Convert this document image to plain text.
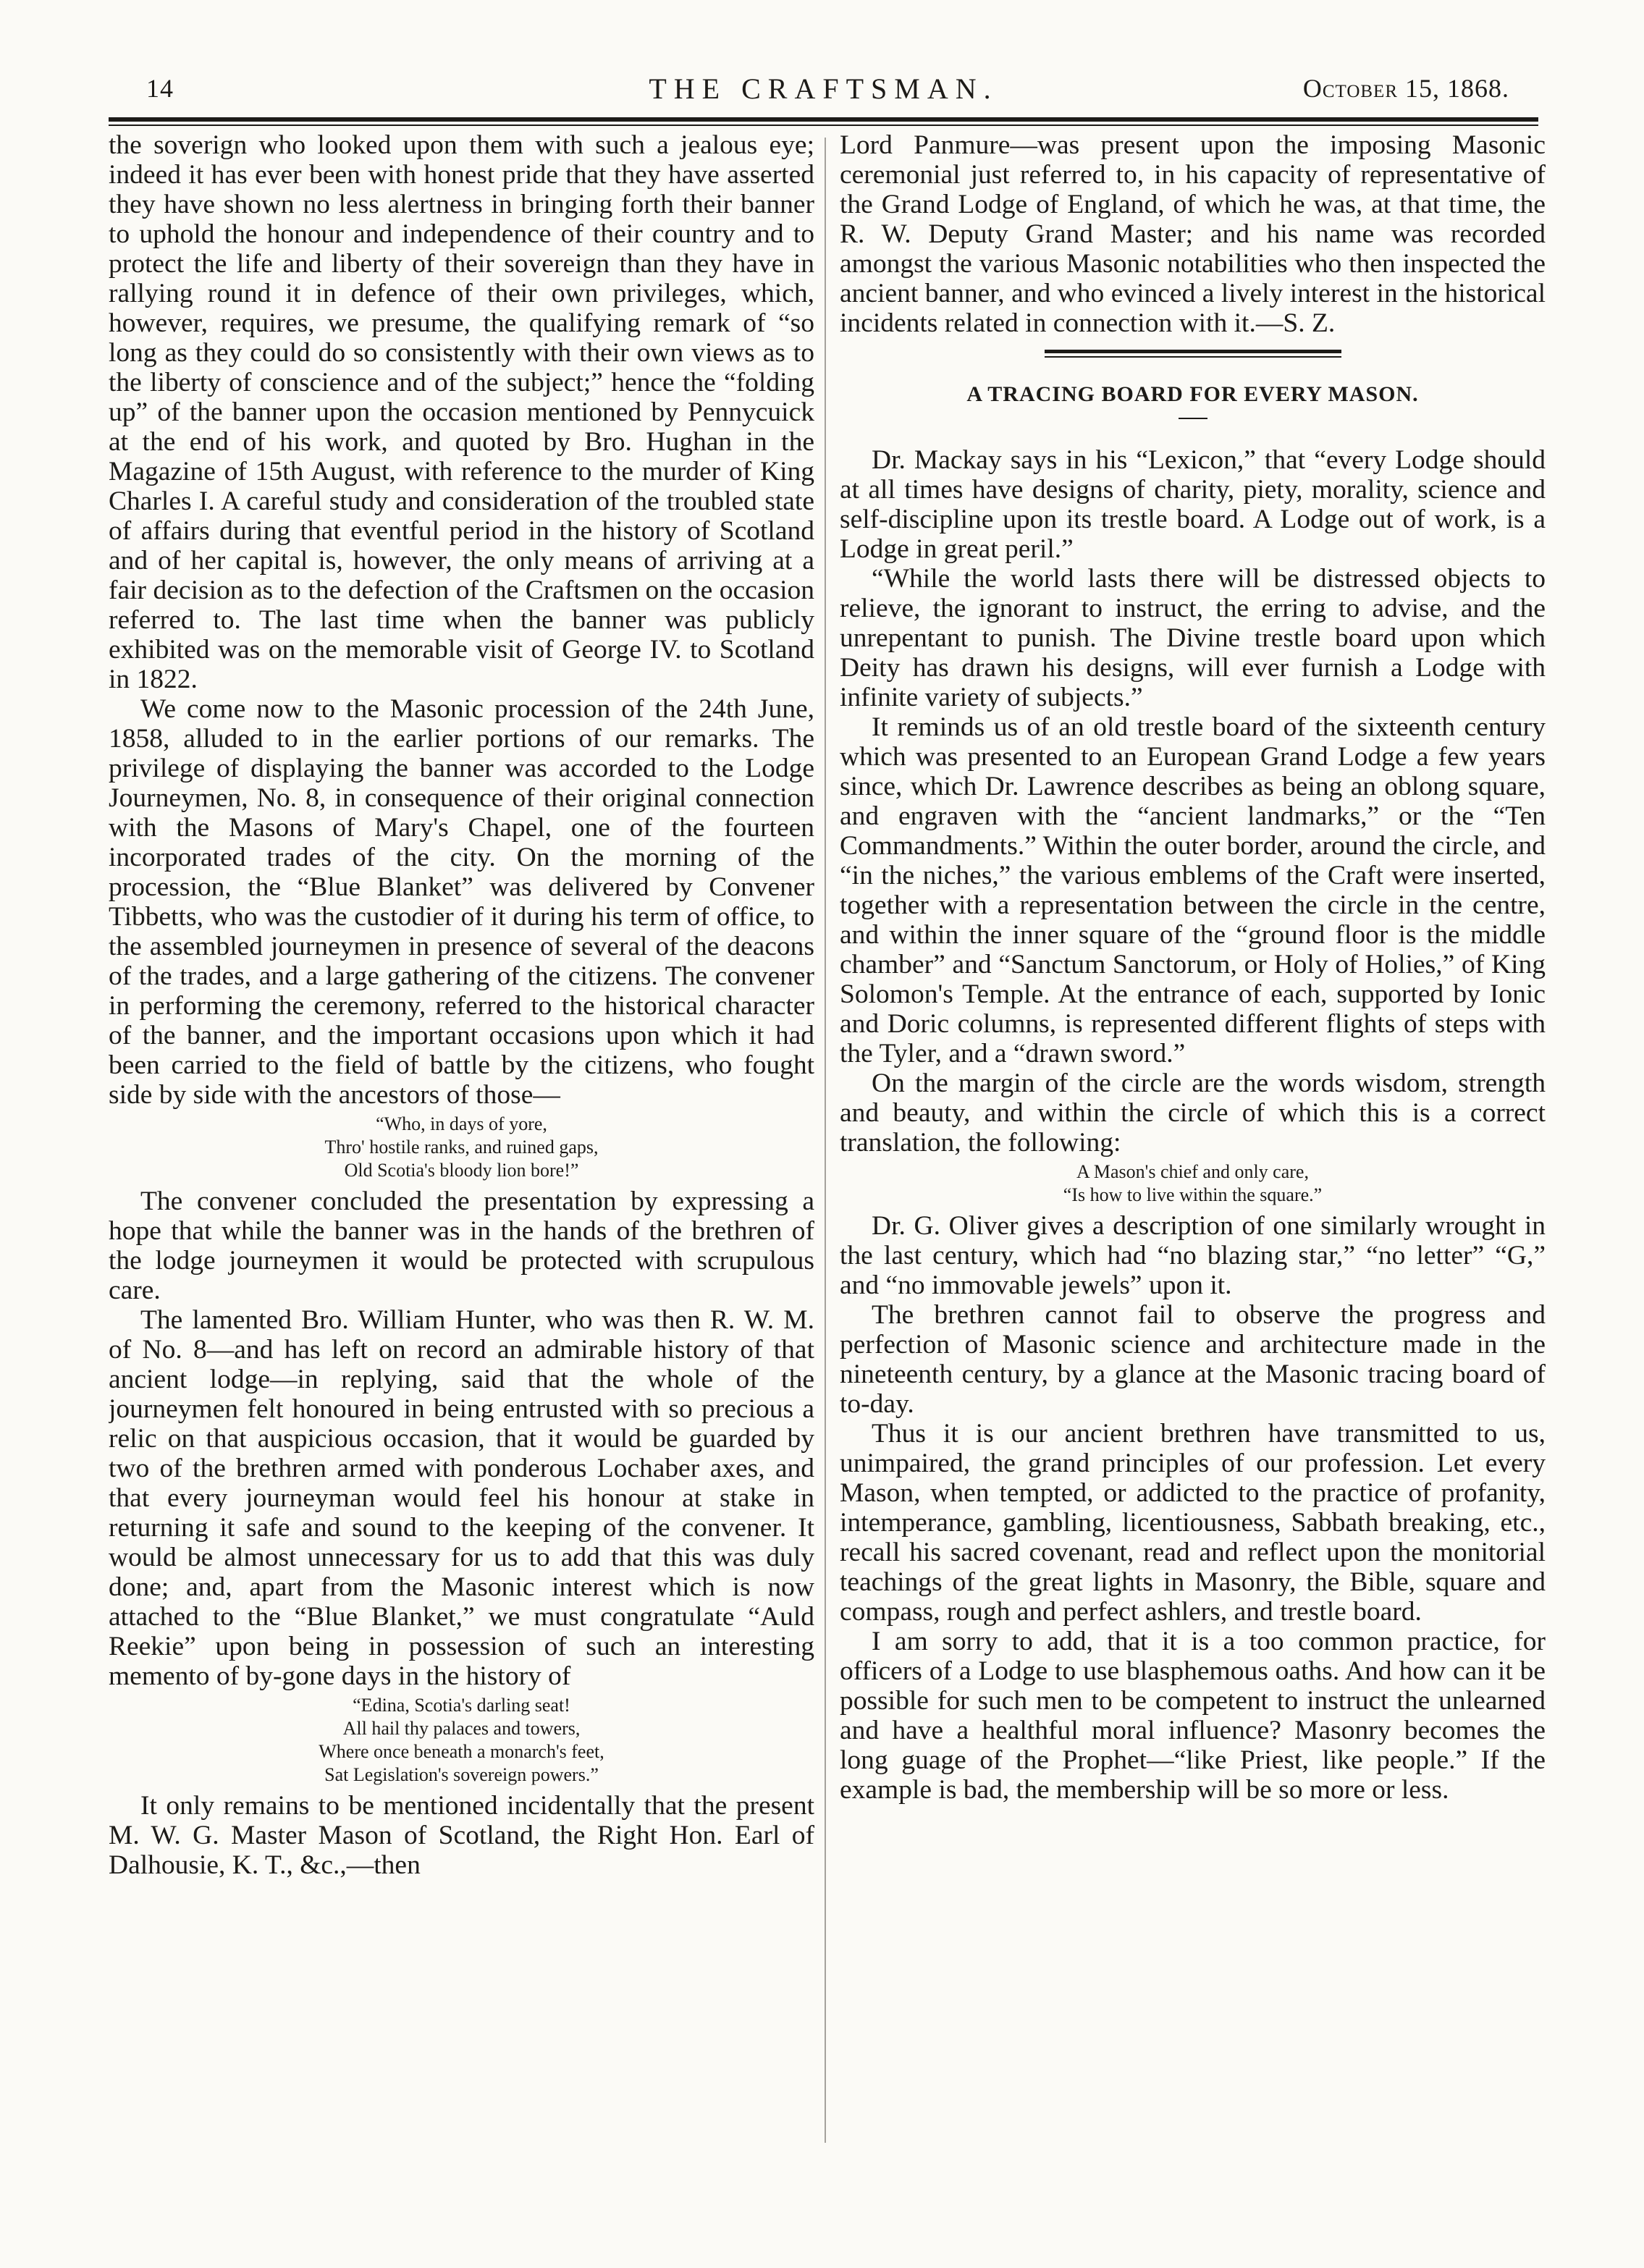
14	THE CRAFTSMAN.	October 15, 1868.

the soverign who looked upon them with such a jealous eye; indeed it has ever been with honest pride that they have asserted they have shown no less alertness in bringing forth their banner to uphold the honour and independence of their country and to protect the life and liberty of their sovereign than they have in rallying round it in defence of their own privileges, which, however, requires, we presume, the qualifying remark of “so long as they could do so consistently with their own views as to the liberty of conscience and of the subject;” hence the “folding up” of the banner upon the occasion mentioned by Pennycuick at the end of his work, and quoted by Bro. Hughan in the Magazine of 15th August, with reference to the murder of King Charles I. A careful study and consideration of the troubled state of affairs during that eventful period in the history of Scotland and of her capital is, however, the only means of arriving at a fair decision as to the defection of the Craftsmen on the occasion referred to. The last time when the banner was publicly exhibited was on the memorable visit of George IV. to Scotland in 1822.

We come now to the Masonic procession of the 24th June, 1858, alluded to in the earlier portions of our remarks. The privilege of displaying the banner was accorded to the Lodge Journeymen, No. 8, in consequence of their original connection with the Masons of Mary's Chapel, one of the fourteen incorporated trades of the city. On the morning of the procession, the “Blue Blanket” was delivered by Convener Tibbetts, who was the custodier of it during his term of office, to the assembled journeymen in presence of several of the deacons of the trades, and a large gathering of the citizens. The convener in performing the ceremony, referred to the historical character of the banner, and the important occasions upon which it had been carried to the field of battle by the citizens, who fought side by side with the ancestors of those—

“Who, in days of yore,
Thro' hostile ranks, and ruined gaps,
Old Scotia's bloody lion bore!”

The convener concluded the presentation by expressing a hope that while the banner was in the hands of the brethren of the lodge journeymen it would be protected with scrupulous care.

The lamented Bro. William Hunter, who was then R. W. M. of No. 8—and has left on record an admirable history of that ancient lodge—in replying, said that the whole of the journeymen felt honoured in being entrusted with so precious a relic on that auspicious occasion, that it would be guarded by two of the brethren armed with ponderous Lochaber axes, and that every journeyman would feel his honour at stake in returning it safe and sound to the keeping of the convener. It would be almost unnecessary for us to add that this was duly done; and, apart from the Masonic interest which is now attached to the “Blue Blanket,” we must congratulate “Auld Reekie” upon being in possession of such an interesting memento of by-gone days in the history of

“Edina, Scotia's darling seat!
All hail thy palaces and towers,
Where once beneath a monarch's feet,
Sat Legislation's sovereign powers.”

It only remains to be mentioned incidentally that the present M. W. G. Master Mason of Scotland, the Right Hon. Earl of Dalhousie, K. T., &c.,—then

Lord Panmure—was present upon the imposing Masonic ceremonial just referred to, in his capacity of representative of the Grand Lodge of England, of which he was, at that time, the R. W. Deputy Grand Master; and his name was recorded amongst the various Masonic notabilities who then inspected the ancient banner, and who evinced a lively interest in the historical incidents related in connection with it.—S. Z.

A TRACING BOARD FOR EVERY MASON.

Dr. Mackay says in his “Lexicon,” that “every Lodge should at all times have designs of charity, piety, morality, science and self-discipline upon its trestle board. A Lodge out of work, is a Lodge in great peril.”

“While the world lasts there will be distressed objects to relieve, the ignorant to instruct, the erring to advise, and the unrepentant to punish. The Divine trestle board upon which Deity has drawn his designs, will ever furnish a Lodge with infinite variety of subjects.”

It reminds us of an old trestle board of the sixteenth century which was presented to an European Grand Lodge a few years since, which Dr. Lawrence describes as being an oblong square, and engraven with the “ancient landmarks,” or the “Ten Commandments.” Within the outer border, around the circle, and “in the niches,” the various emblems of the Craft were inserted, together with a representation between the circle in the centre, and within the inner square of the “ground floor is the middle chamber” and “Sanctum Sanctorum, or Holy of Holies,” of King Solomon's Temple. At the entrance of each, supported by Ionic and Doric columns, is represented different flights of steps with the Tyler, and a “drawn sword.”

On the margin of the circle are the words wisdom, strength and beauty, and within the circle of which this is a correct translation, the following:

A Mason's chief and only care,
“Is how to live within the square.”

Dr. G. Oliver gives a description of one similarly wrought in the last century, which had “no blazing star,” “no letter” “G,” and “no immovable jewels” upon it.

The brethren cannot fail to observe the progress and perfection of Masonic science and architecture made in the nineteenth century, by a glance at the Masonic tracing board of to-day.

Thus it is our ancient brethren have transmitted to us, unimpaired, the grand principles of our profession. Let every Mason, when tempted, or addicted to the practice of profanity, intemperance, gambling, licentiousness, Sabbath breaking, etc., recall his sacred covenant, read and reflect upon the monitorial teachings of the great lights in Masonry, the Bible, square and compass, rough and perfect ashlers, and trestle board.

I am sorry to add, that it is a too common practice, for officers of a Lodge to use blasphemous oaths. And how can it be possible for such men to be competent to instruct the unlearned and have a healthful moral influence? Masonry becomes the long guage of the Prophet—“like Priest, like people.” If the example is bad, the membership will be so more or less.
